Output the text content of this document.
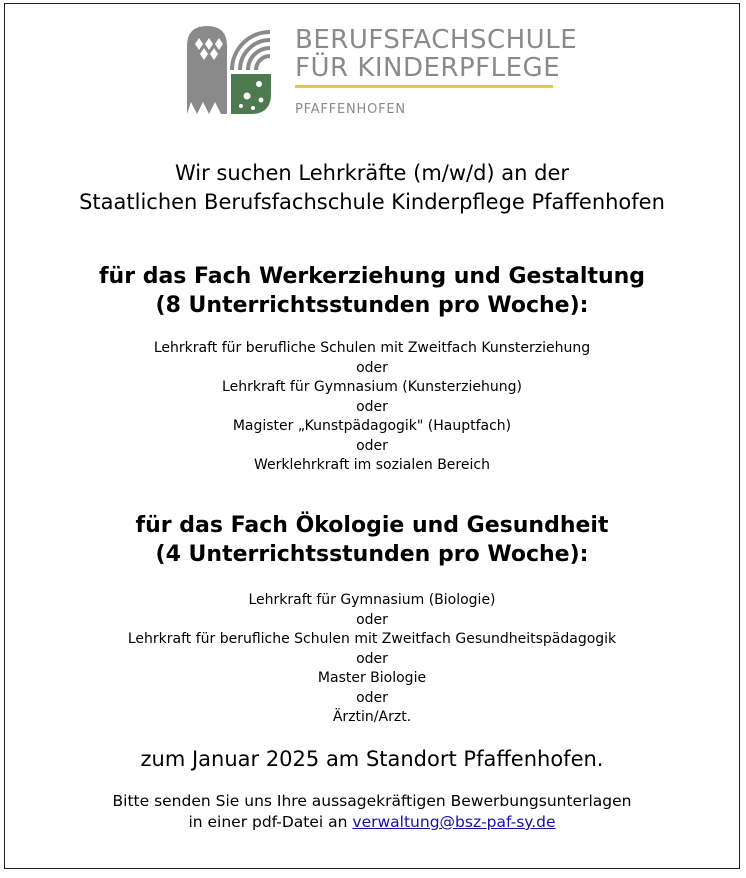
BERUFSFACHSCHULE
FÜR KINDERPFLEGE
PFAFFENHOFEN
Wir suchen Lehrkräfte (m/w/d) an der
Staatlichen Berufsfachschule Kinderpflege Pfaffenhofen
für das Fach Werkerziehung und Gestaltung
(8 Unterrichtsstunden pro Woche):
Lehrkraft für berufliche Schulen mit Zweitfach Kunsterziehung
oder
Lehrkraft für Gymnasium (Kunsterziehung)
oder
Magister „Kunstpädagogik" (Hauptfach)
oder
Werklehrkraft im sozialen Bereich
für das Fach Ökologie und Gesundheit
(4 Unterrichtsstunden pro Woche):
Lehrkraft für Gymnasium (Biologie)
oder
Lehrkraft für berufliche Schulen mit Zweitfach Gesundheitspädagogik
oder
Master Biologie
oder
Ärztin/Arzt.
zum Januar 2025 am Standort Pfaffenhofen.
Bitte senden Sie uns Ihre aussagekräftigen Bewerbungsunterlagen
in einer pdf-Datei an verwaltung@bsz-paf-sy.de
